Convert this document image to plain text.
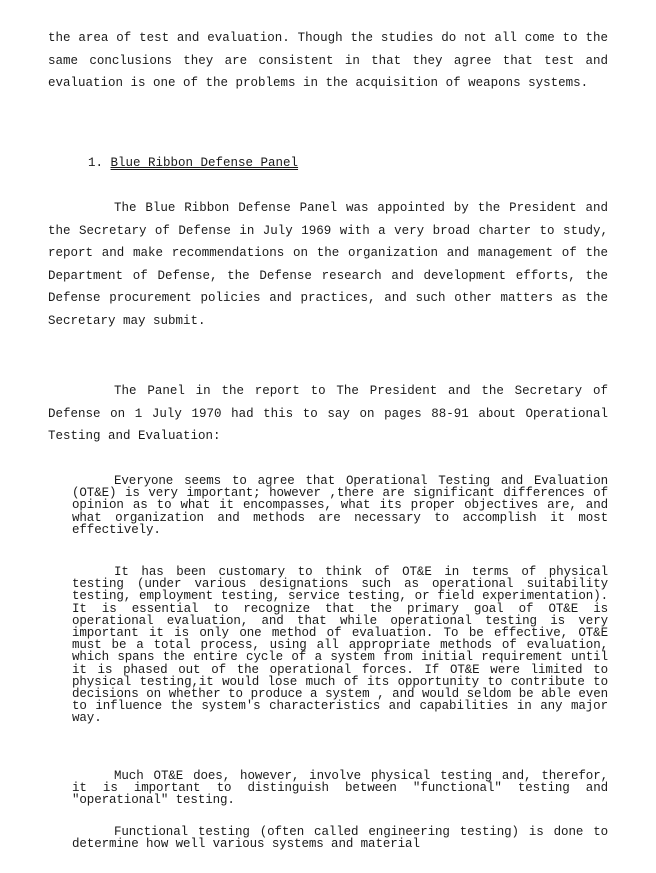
the area of test and evaluation. Though the studies do not all come to the same conclusions they are consistent in that they agree that test and evaluation is one of the problems in the acquisition of weapons systems.

1. Blue Ribbon Defense Panel

The Blue Ribbon Defense Panel was appointed by the President and the Secretary of Defense in July 1969 with a very broad charter to study, report and make recommendations on the organization and management of the Department of Defense, the Defense research and development efforts, the Defense procurement policies and practices, and such other matters as the Secretary may submit.

The Panel in the report to The President and the Secretary of Defense on 1 July 1970 had this to say on pages 88-91 about Operational Testing and Evaluation:

Everyone seems to agree that Operational Testing and Evaluation (OT&E) is very important; however ,there are significant differences of opinion as to what it encompasses, what its proper objectives are, and what organization and methods are necessary to accomplish it most effectively.

It has been customary to think of OT&E in terms of physical testing (under various designations such as operational suitability testing, employment testing, service testing, or field experimentation). It is essential to recognize that the primary goal of OT&E is operational evaluation, and that while operational testing is very important it is only one method of evaluation. To be effective, OT&E must be a total process, using all appropriate methods of evaluation, which spans the entire cycle of a system from initial requirement until it is phased out of the operational forces. If OT&E were limited to physical testing,it would lose much of its opportunity to contribute to decisions on whether to produce a system , and would seldom be able even to influence the system's characteristics and capabilities in any major way.

Much OT&E does, however, involve physical testing and, therefor, it is important to distinguish between "functional" testing and "operational" testing.

Functional testing (often called engineering testing) is done to determine how well various systems and material
